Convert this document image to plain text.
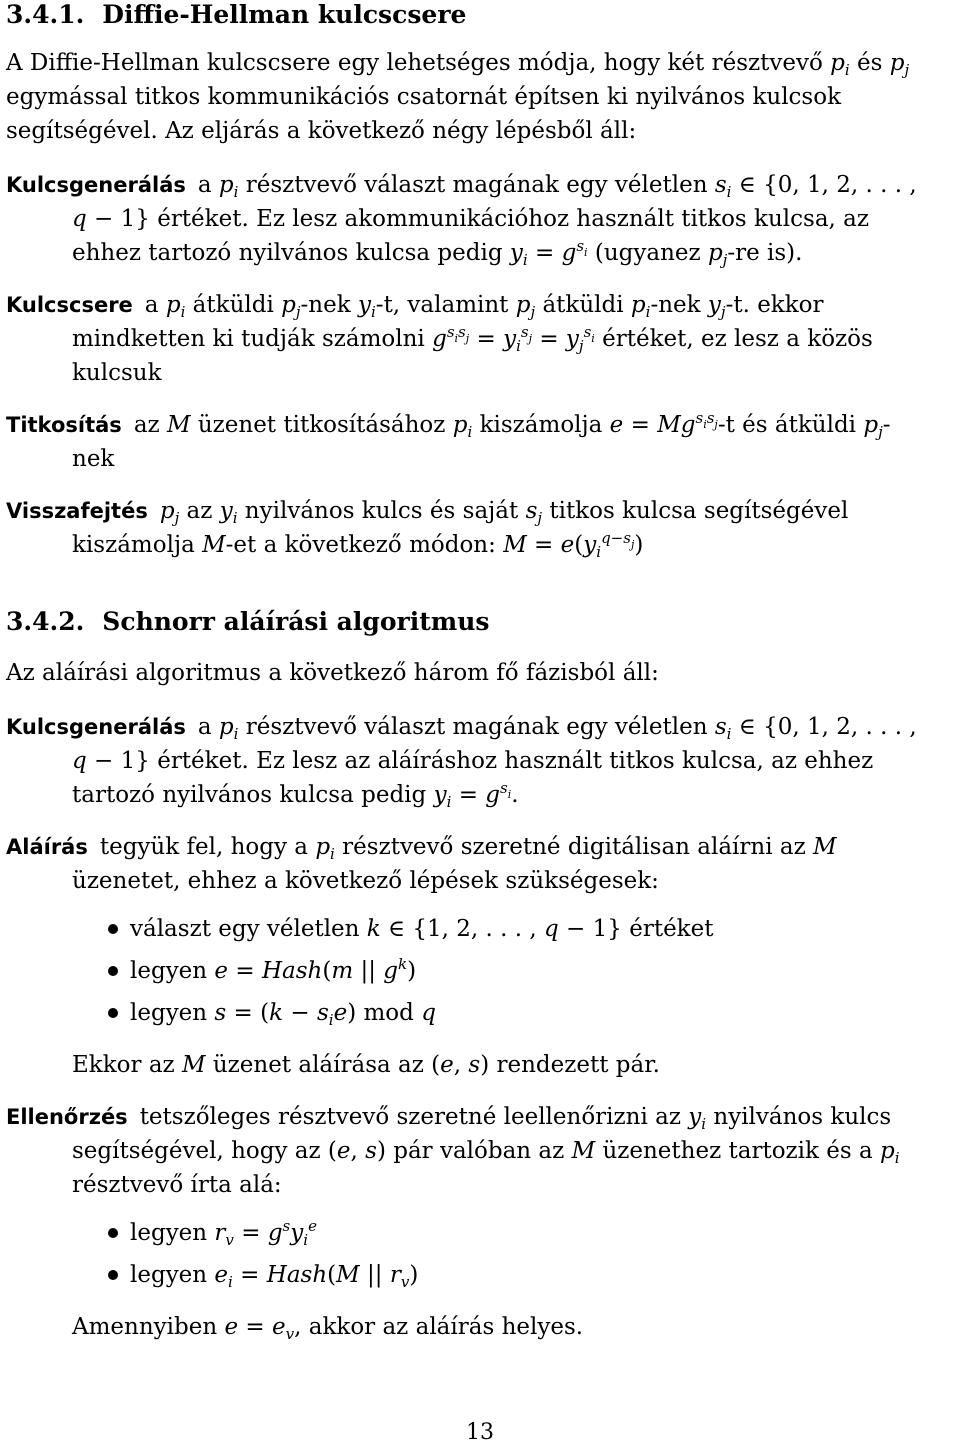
3.4.1. Diffie-Hellman kulcscsere

A Diffie-Hellman kulcscsere egy lehetséges módja, hogy két résztvevő $p_i$ és $p_j$ egymással titkos kommunikációs csatornát építsen ki nyilvános kulcsok segítségével. Az eljárás a következő négy lépésből áll:

Kulcsgenerálás a $p_i$ résztvevő választ magának egy véletlen $s_i$ ∈ {0, 1, 2, . . . , q − 1} értéket. Ez lesz akommunikációhoz használt titkos kulcsa, az ehhez tartozó nyilvános kulcsa pedig $y_i = g^{s_i}$ (ugyanez $p_j-re$ is).
Kulcscsere a $p_i$ átküldi $p_j$-nek $y_i-t$, valamint $p_j$ átküldi $p_i$-nek $y_j-t$. ekkor mindketten ki tudják számolni $g^{s_is_j} = y_i^{s_j} = y_j^{s_i}$ értéket, ez lesz a közös kulcsuk
Titkosítás az M üzenet titkosításához $p_i$ kiszámolja $e = Mg^{s_is_j}-t$ és átküldi $p_j$-nek
Visszafejtés $p_j$ az $y_i$ nyilvános kulcs és saját $s_j$ titkos kulcsa segítségével kiszámolja M-et a következő módon: $M = e(y_i^{q-s_j})$
3.4.2. Schnorr aláírási algoritmus

Az aláírási algoritmus a következő három fő fázisból áll:

Kulcsgenerálás a $p_i$ résztvevő választ magának egy véletlen $s_i$ ∈ {0, 1, 2, . . . , q − 1} értéket. Ez lesz az aláíráshoz használt titkos kulcsa, az ehhez tartozó nyilvános kulcsa pedig $y_i = g^{s_i}$.
Aláírás tegyük fel, hogy a $p_i$ résztvevő szeretné digitálisan aláírni az M üzenetet, ehhez a következő lépések szükségesek:
választ egy véletlen k ∈ {1, 2, . . . , q − 1} értéket
legyen e = Hash(m || $g^k$)
legyen $s = (k - s_ie)$ mod q
Ekkor az M üzenet aláírása az (e, s) rendezett pár.
Ellenőrzés tetszőleges résztvevő szeretné leellenőrizni az $y_i$ nyilvános kulcs segítségével, hogy az (e, s) pár valóban az M üzenethez tartozik és a $p_i$ résztvevő írta alá:
legyen $r_v = g^sy_i^e$
legyen $e_i$ = Hash(M || $r_v$)
Amennyiben $e = e_v$, akkor az aláírás helyes.
13
